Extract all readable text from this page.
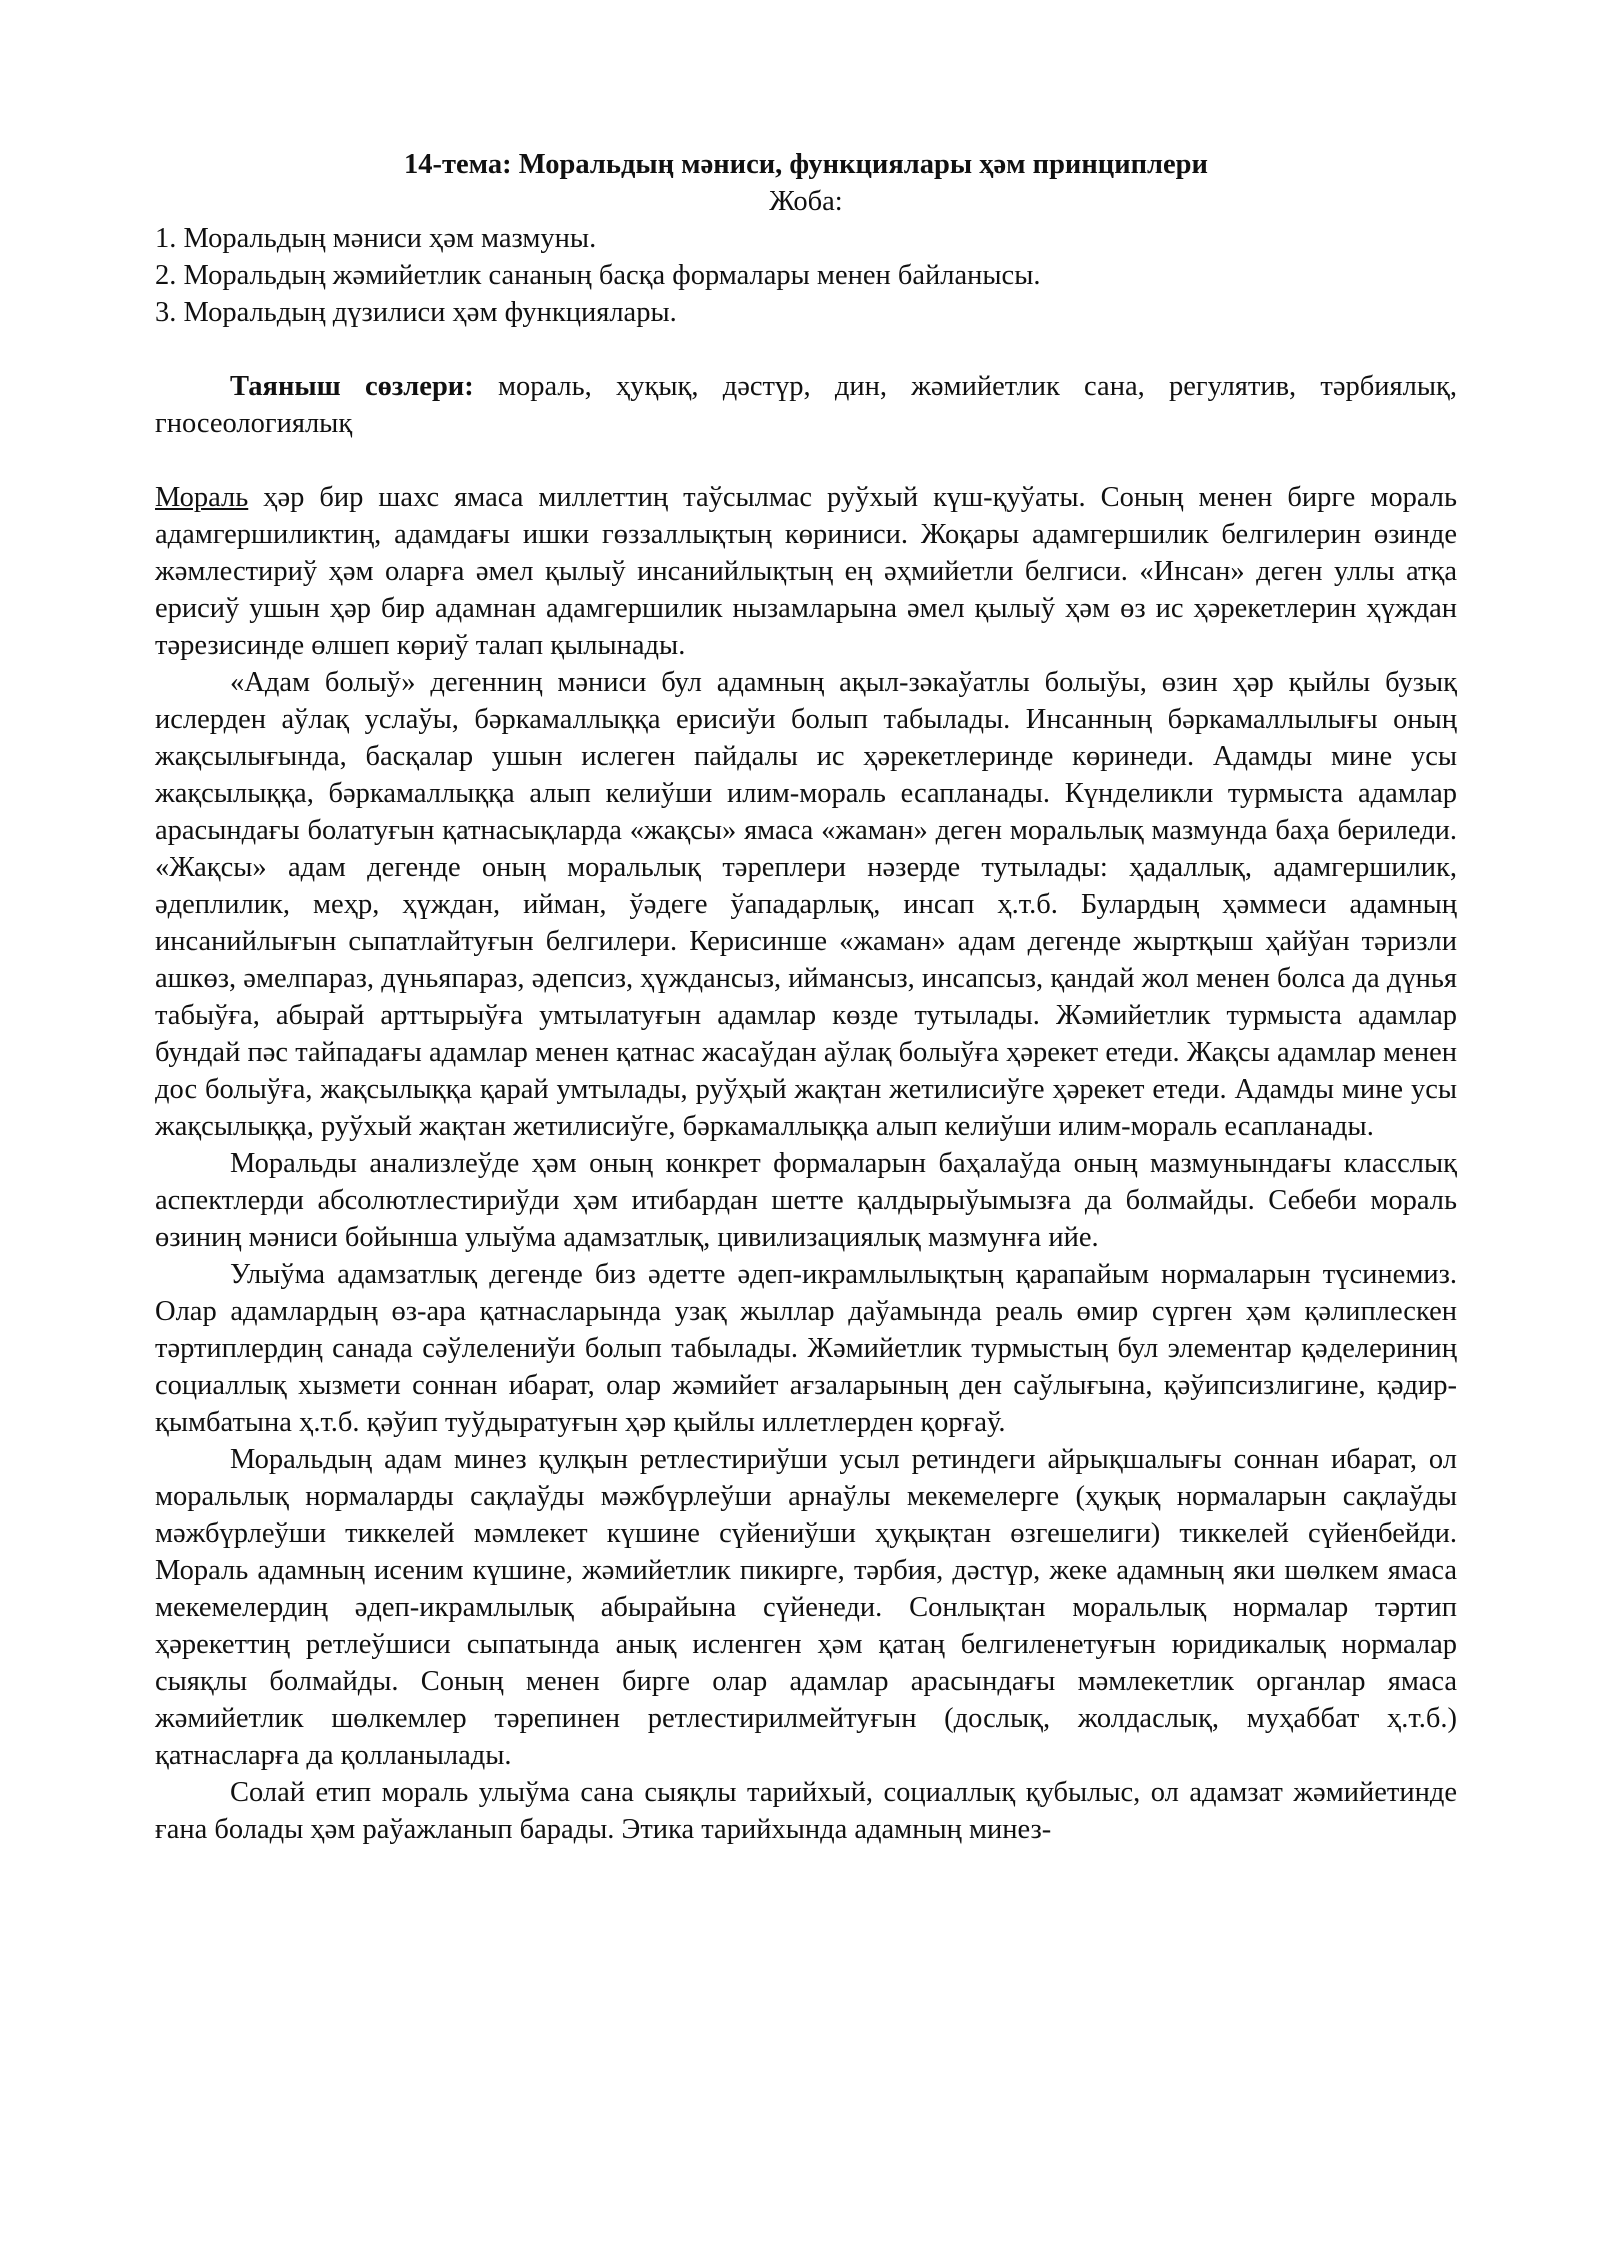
14-тема: Моральдың мәниси, функциялары ҳәм принциплери

Жоба:

1. Моральдың мәниси ҳәм мазмуны.
2. Моральдың жәмийетлик сананың басқа формалары менен байланысы.
3. Моральдың дүзилиси ҳәм функциялары.

Таяныш сөзлери: мораль, ҳуқық, дәстүр, дин, жәмийетлик сана, регулятив, тәрбиялық, гносеологиялық

Мораль ҳәр бир шахс ямаса миллеттиң таўсылмас руўхый күш-қуўаты. Соның менен бирге мораль адамгершиликтиң, адамдағы ишки гөззаллықтың көриниси. Жоқары адамгершилик белгилерин өзинде жәмлестириў ҳәм оларға әмел қылыў инсанийлықтың ең әҳмийетли белгиси. «Инсан» деген уллы атқа ерисиў ушын ҳәр бир адамнан адамгершилик нызамларына әмел қылыў ҳәм өз ис ҳәрекетлерин ҳүждан тәрезисинде өлшеп көриў талап қылынады.

«Адам болыў» дегенниң мәниси бул адамның ақыл-зәкаўатлы болыўы, өзин ҳәр қыйлы бузық ислерден аўлақ услаўы, бәркамаллыққа ерисиўи болып табылады. Инсанның бәркамаллылығы оның жақсылығында, басқалар ушын ислеген пайдалы ис ҳәрекетлеринде көринеди. Адамды мине усы жақсылыққа, бәркамаллыққа алып келиўши илим-мораль есапланады. Күнделикли турмыста адамлар арасындағы болатуғын қатнасықларда «жақсы» ямаса «жаман» деген моральлық мазмунда баҳа бериледи. «Жақсы» адам дегенде оның моральлық тәреплери нәзерде тутылады: ҳадаллық, адамгершилик, әдеплилик, меҳр, ҳүждан, ийман, ўәдеге ўападарлық, инсап ҳ.т.б. Булардың ҳәммеси адамның инсанийлығын сыпатлайтуғын белгилери. Керисинше «жаман» адам дегенде жыртқыш ҳайўан тәризли ашкөз, әмелпараз, дүньяпараз, әдепсиз, ҳүждансыз, иймансыз, инсапсыз, қандай жол менен болса да дүнья табыўға, абырай арттырыўға умтылатуғын адамлар көзде тутылады. Жәмийетлик турмыста адамлар бундай пәс тайпадағы адамлар менен қатнас жасаўдан аўлақ болыўға ҳәрекет етеди. Жақсы адамлар менен дос болыўға, жақсылыққа қарай умтылады, руўҳый жақтан жетилисиўге ҳәрекет етеди. Адамды мине усы жақсылыққа, руўхый жақтан жетилисиўге, бәркамаллыққа алып келиўши илим-мораль есапланады.

Моральды анализлеўде ҳәм оның конкрет формаларын баҳалаўда оның мазмунындағы класслық аспектлерди абсолютлестириўди ҳәм итибардан шетте қалдырыўымызға да болмайды. Себеби мораль өзиниң мәниси бойынша улыўма адамзатлық, цивилизациялық мазмунға ийе.

Улыўма адамзатлық дегенде биз әдетте әдеп-икрамлылықтың қарапайым нормаларын түсинемиз. Олар адамлардың өз-ара қатнасларында узақ жыллар даўамында реаль өмир сүрген ҳәм қәлиплескен тәртиплердиң санада сәўлелениўи болып табылады. Жәмийетлик турмыстың бул элементар қәделериниң социаллық хызмети соннан ибарат, олар жәмийет ағзаларының ден саўлығына, қәўипсизлигине, қәдир-қымбатына ҳ.т.б. қәўип туўдыратуғын ҳәр қыйлы иллетлерден қорғаў.

Моральдың адам минез қулқын ретлестириўши усыл ретиндеги айрықшалығы соннан ибарат, ол моральлық нормаларды сақлаўды мәжбүрлеўши арнаўлы мекемелерге (ҳуқық нормаларын сақлаўды мәжбүрлеўши тиккелей мәмлекет күшине сүйениўши ҳуқықтан өзгешелиги) тиккелей сүйенбейди. Мораль адамның исеним күшине, жәмийетлик пикирге, тәрбия, дәстүр, жеке адамның яки шөлкем ямаса мекемелердиң әдеп-икрамлылық абырайына сүйенеди. Сонлықтан моральлық нормалар тәртип ҳәрекеттиң ретлеўшиси сыпатында анық исленген ҳәм қатаң белгиленетуғын юридикалық нормалар сыяқлы болмайды. Соның менен бирге олар адамлар арасындағы мәмлекетлик органлар ямаса жәмийетлик шөлкемлер тәрепинен ретлестирилмейтуғын (дослық, жолдаслық, муҳаббат ҳ.т.б.) қатнасларға да қолланылады.

Солай етип мораль улыўма сана сыяқлы тарийхый, социаллық қубылыс, ол адамзат жәмийетинде ғана болады ҳәм раўажланып барады. Этика тарийхында адамның минез-
